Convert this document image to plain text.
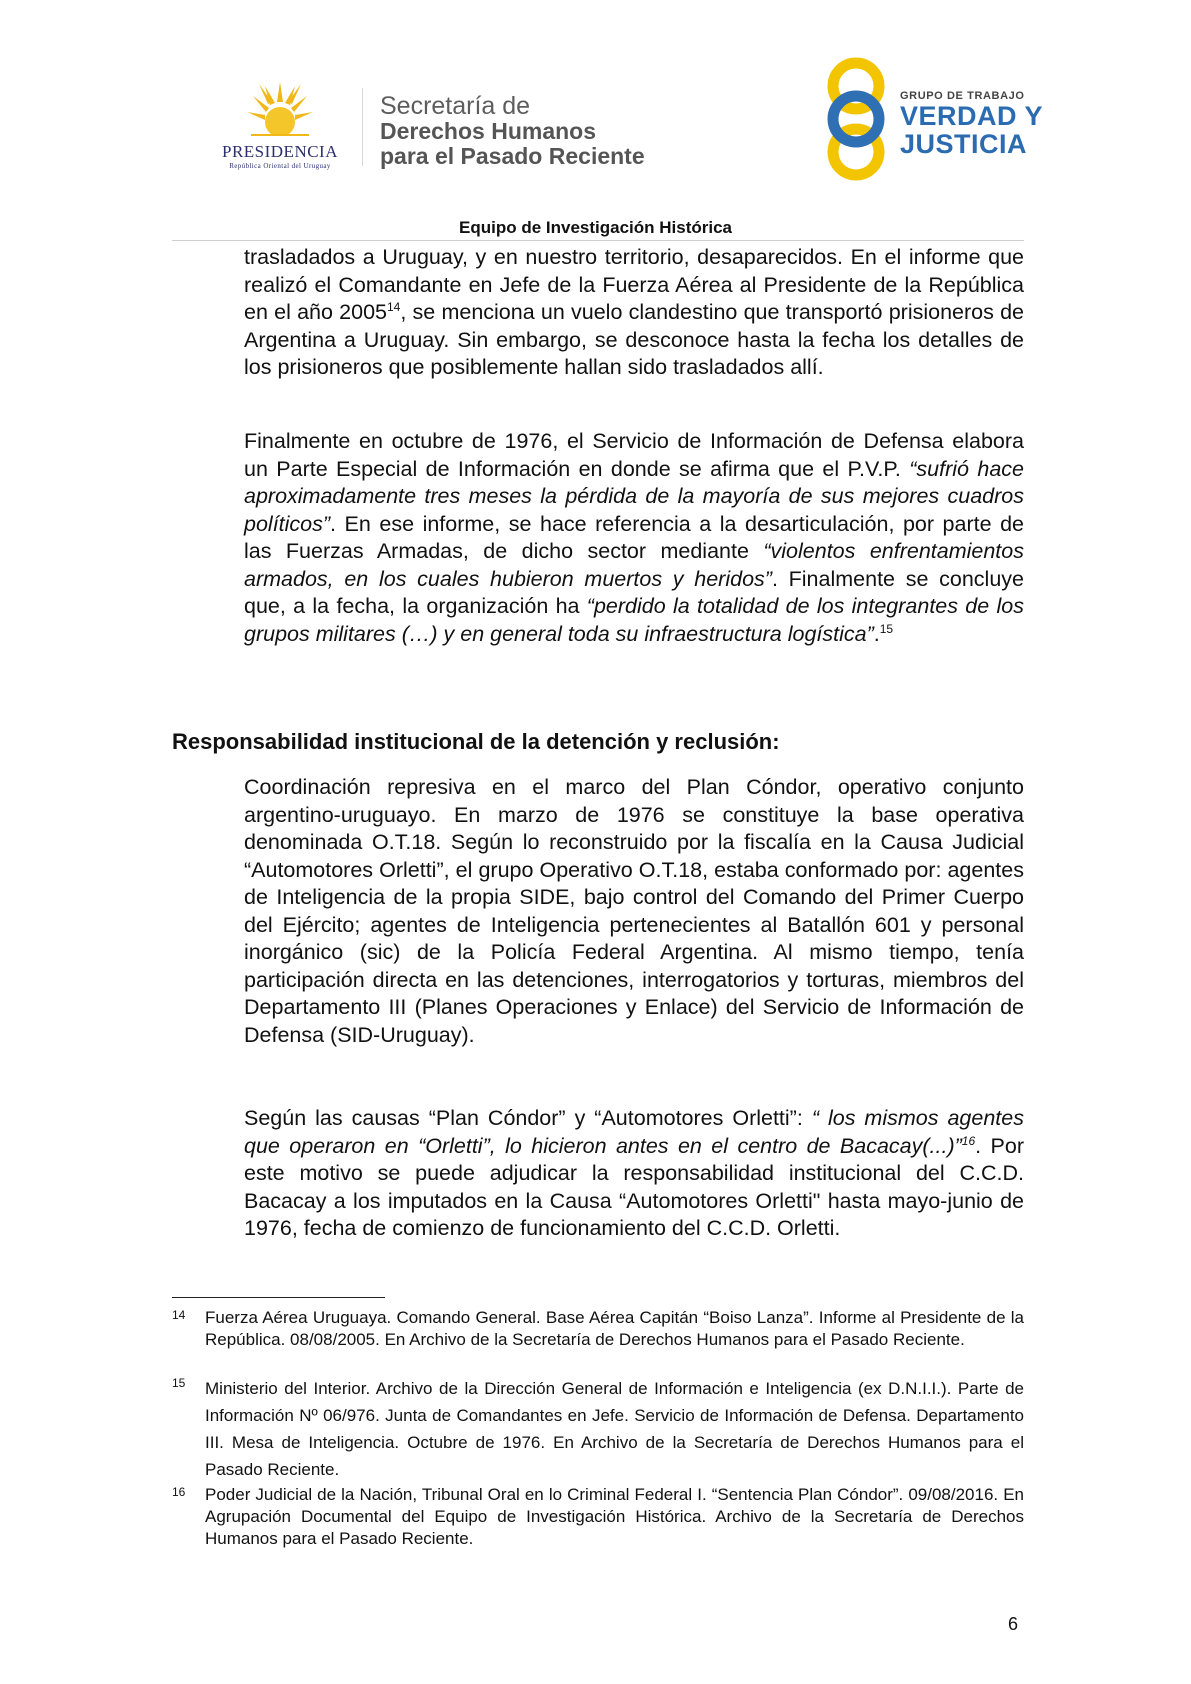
PRESIDENCIA
República Oriental del Uruguay
Secretaría de
Derechos Humanos
para el Pasado Reciente
GRUPO DE TRABAJO
VERDAD Y
JUSTICIA
Equipo de Investigación Histórica
trasladados a Uruguay, y en nuestro territorio, desaparecidos. En el informe que realizó el Comandante en Jefe de la Fuerza Aérea al Presidente de la República en el año 2005$^{14}$, se menciona un vuelo clandestino que transportó prisioneros de Argentina a Uruguay. Sin embargo, se desconoce hasta la fecha los detalles de los prisioneros que posiblemente hallan sido trasladados allí.
Finalmente en octubre de 1976, el Servicio de Información de Defensa elabora un Parte Especial de Información en donde se afirma que el P.V.P. “sufrió hace aproximadamente tres meses la pérdida de la mayoría de sus mejores cuadros políticos”. En ese informe, se hace referencia a la desarticulación, por parte de las Fuerzas Armadas, de dicho sector mediante “violentos enfrentamientos armados, en los cuales hubieron muertos y heridos”. Finalmente se concluye que, a la fecha, la organización ha “perdido la totalidad de los integrantes de los grupos militares (…) y en general toda su infraestructura logística”.$^{15}$
Responsabilidad institucional de la detención y reclusión:
Coordinación represiva en el marco del Plan Cóndor, operativo conjunto argentino-uruguayo. En marzo de 1976 se constituye la base operativa denominada O.T.18. Según lo reconstruido por la fiscalía en la Causa Judicial “Automotores Orletti”, el grupo Operativo O.T.18, estaba conformado por: agentes de Inteligencia de la propia SIDE, bajo control del Comando del Primer Cuerpo del Ejército; agentes de Inteligencia pertenecientes al Batallón 601 y personal inorgánico (sic) de la Policía Federal Argentina. Al mismo tiempo, tenía participación directa en las detenciones, interrogatorios y torturas, miembros del Departamento III (Planes Operaciones y Enlace) del Servicio de Información de Defensa (SID-Uruguay).
Según las causas “Plan Cóndor” y “Automotores Orletti”: “ los mismos agentes que operaron en “Orletti”, lo hicieron antes en el centro de Bacacay(...)”$^{16}$. Por este motivo se puede adjudicar la responsabilidad institucional del C.C.D. Bacacay a los imputados en la Causa “Automotores Orletti" hasta mayo-junio de 1976, fecha de comienzo de funcionamiento del C.C.D. Orletti.
14 Fuerza Aérea Uruguaya. Comando General. Base Aérea Capitán “Boiso Lanza”. Informe al Presidente de la República. 08/08/2005. En Archivo de la Secretaría de Derechos Humanos para el Pasado Reciente.
15 Ministerio del Interior. Archivo de la Dirección General de Información e Inteligencia (ex D.N.I.I.). Parte de Información Nº 06/976. Junta de Comandantes en Jefe. Servicio de Información de Defensa. Departamento III. Mesa de Inteligencia. Octubre de 1976. En Archivo de la Secretaría de Derechos Humanos para el Pasado Reciente.
16 Poder Judicial de la Nación, Tribunal Oral en lo Criminal Federal I. “Sentencia Plan Cóndor”. 09/08/2016. En Agrupación Documental del Equipo de Investigación Histórica. Archivo de la Secretaría de Derechos Humanos para el Pasado Reciente.
6
